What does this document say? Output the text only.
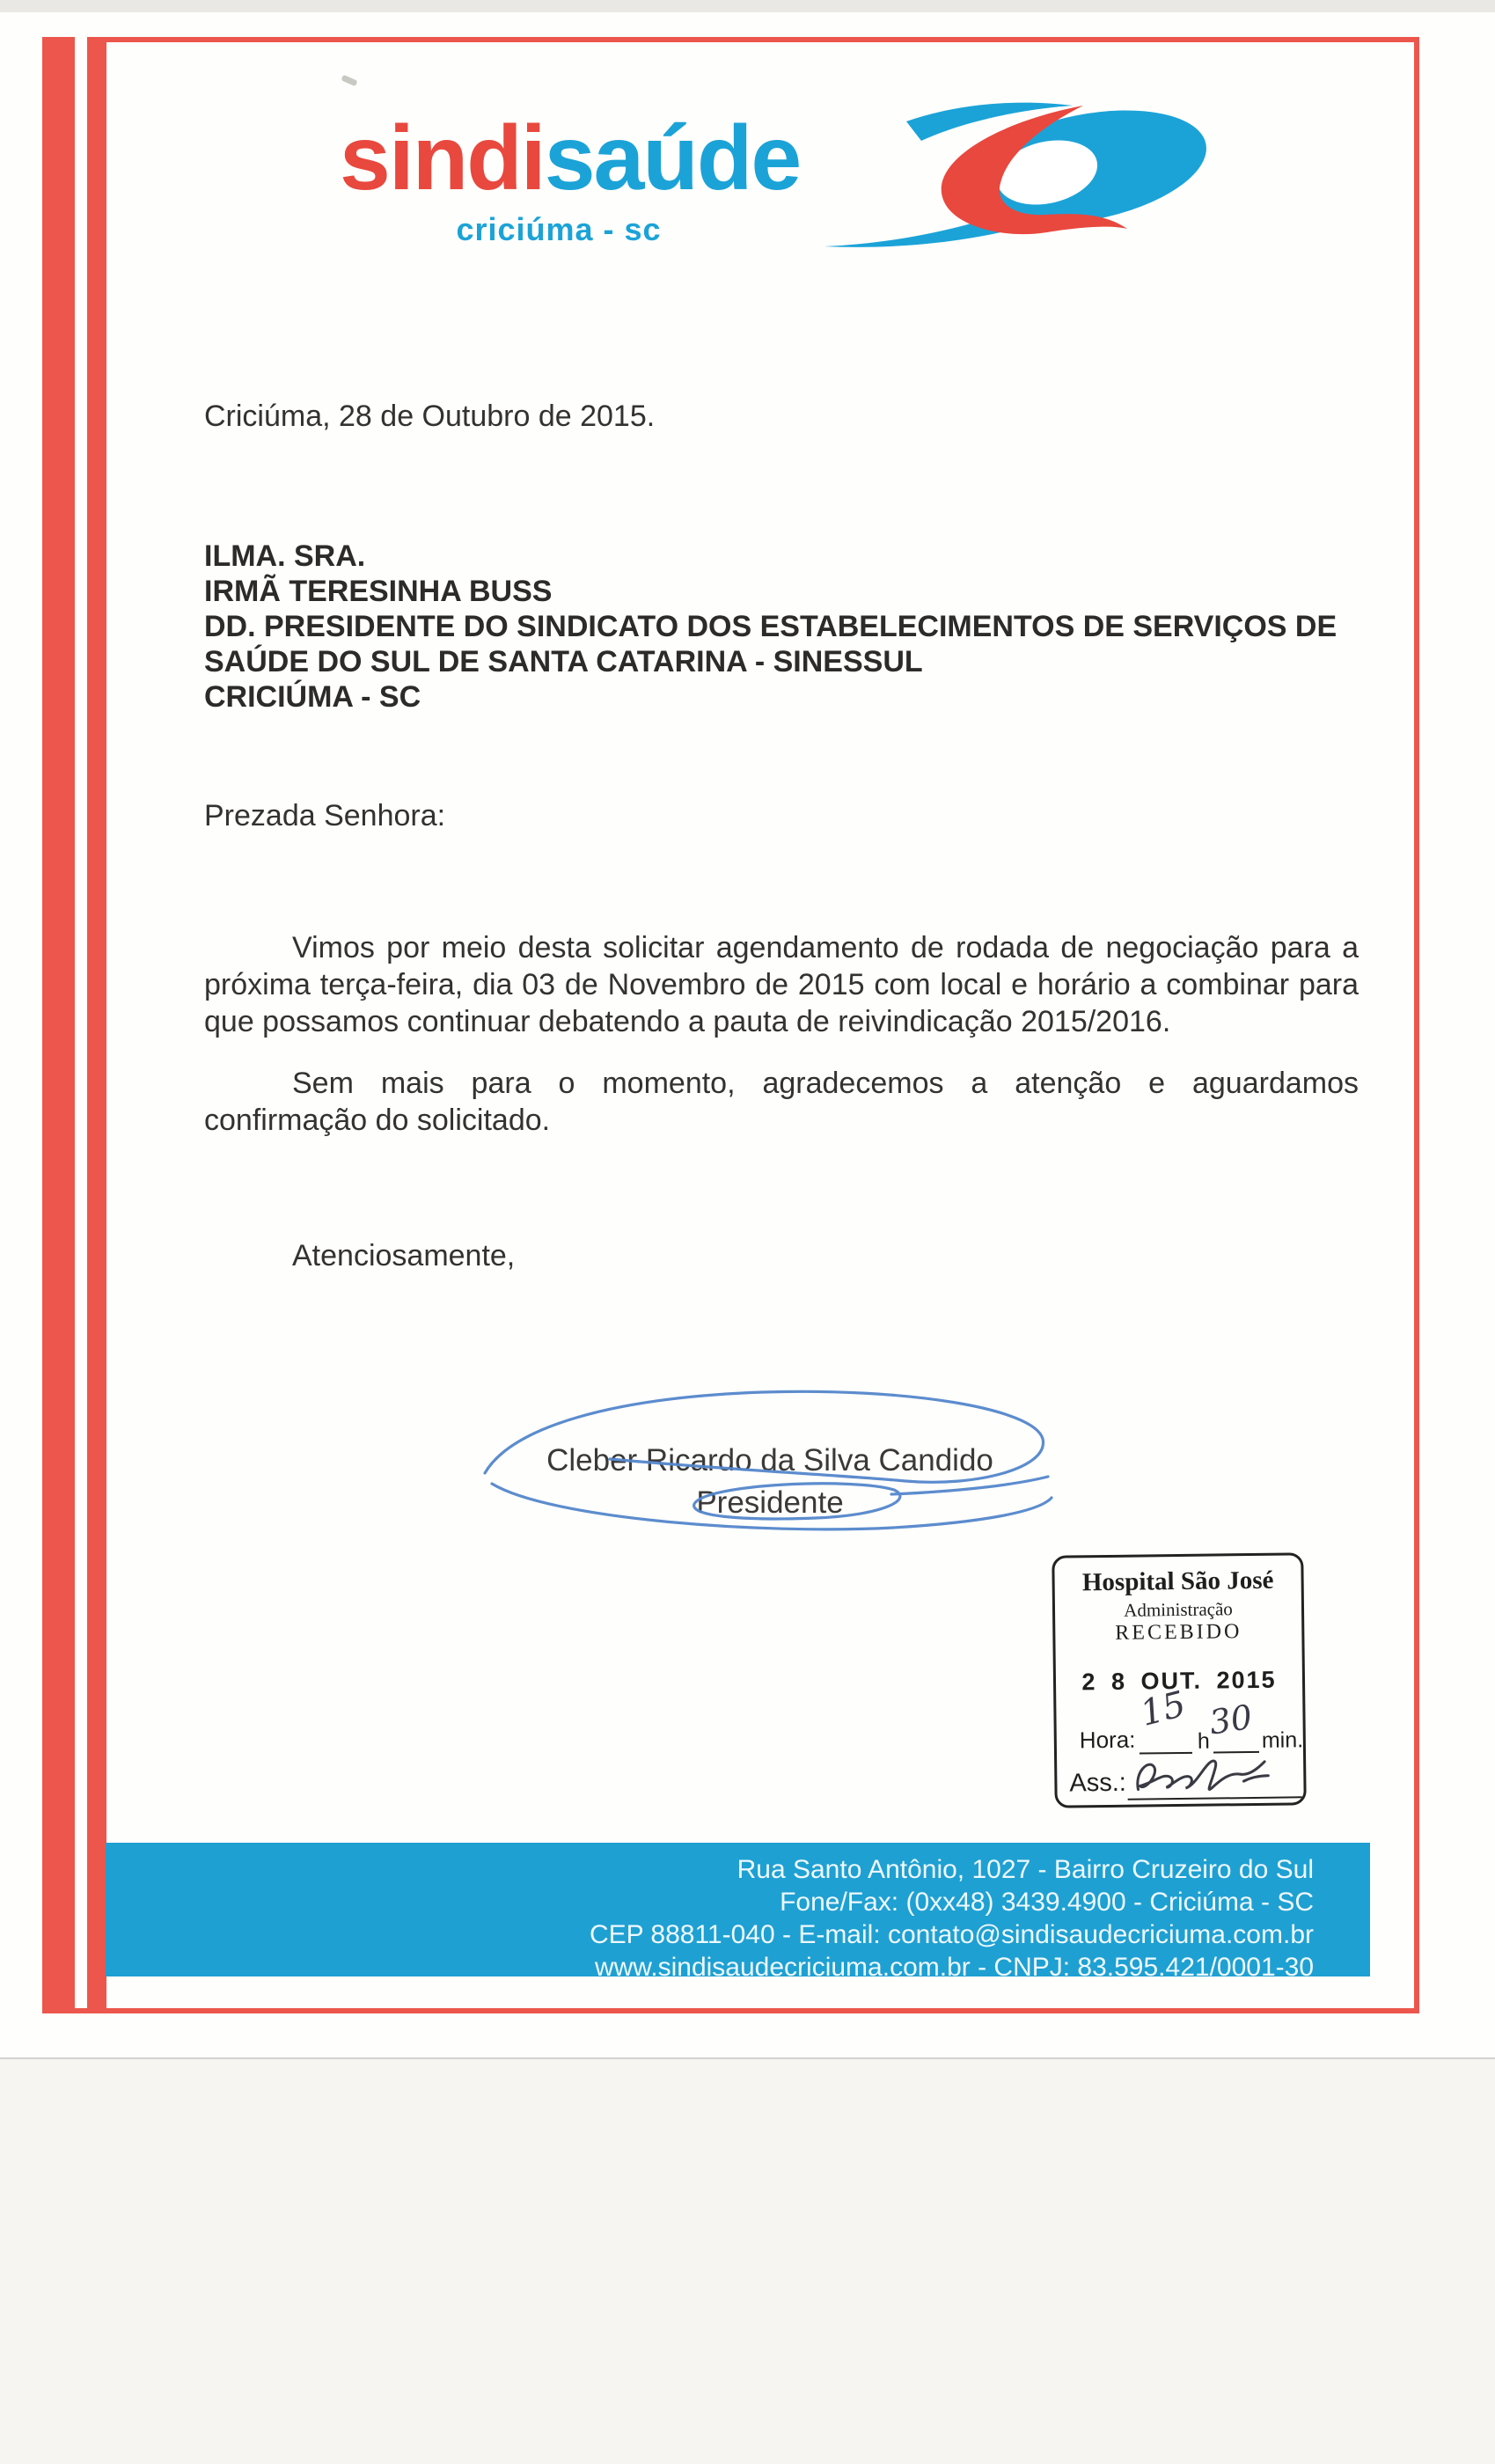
sindisaúde
criciúma - sc
Criciúma, 28 de Outubro de 2015.
ILMA. SRA.
IRMÃ TERESINHA BUSS
DD. PRESIDENTE DO SINDICATO DOS ESTABELECIMENTOS DE SERVIÇOS DE
SAÚDE DO SUL DE SANTA CATARINA - SINESSUL
CRICIÚMA - SC
Prezada Senhora:
Vimos por meio desta solicitar agendamento de rodada de negociação para a próxima terça-feira, dia 03 de Novembro de 2015 com local e horário a combinar para que possamos continuar debatendo a pauta de reivindicação 2015/2016.
Sem mais para o momento, agradecemos a atenção e aguardamos confirmação do solicitado.
Atenciosamente,
Cleber Ricardo da Silva Candido
Presidente
Hospital São José
Administração
RECEBIDO
2 8 OUT. 2015
Hora:	h min.
15 30
Ass.:
Rua Santo Antônio, 1027 - Bairro Cruzeiro do Sul
Fone/Fax: (0xx48) 3439.4900 - Criciúma - SC
CEP 88811-040 - E-mail: contato@sindisaudecriciuma.com.br
www.sindisaudecriciuma.com.br - CNPJ: 83.595.421/0001-30
